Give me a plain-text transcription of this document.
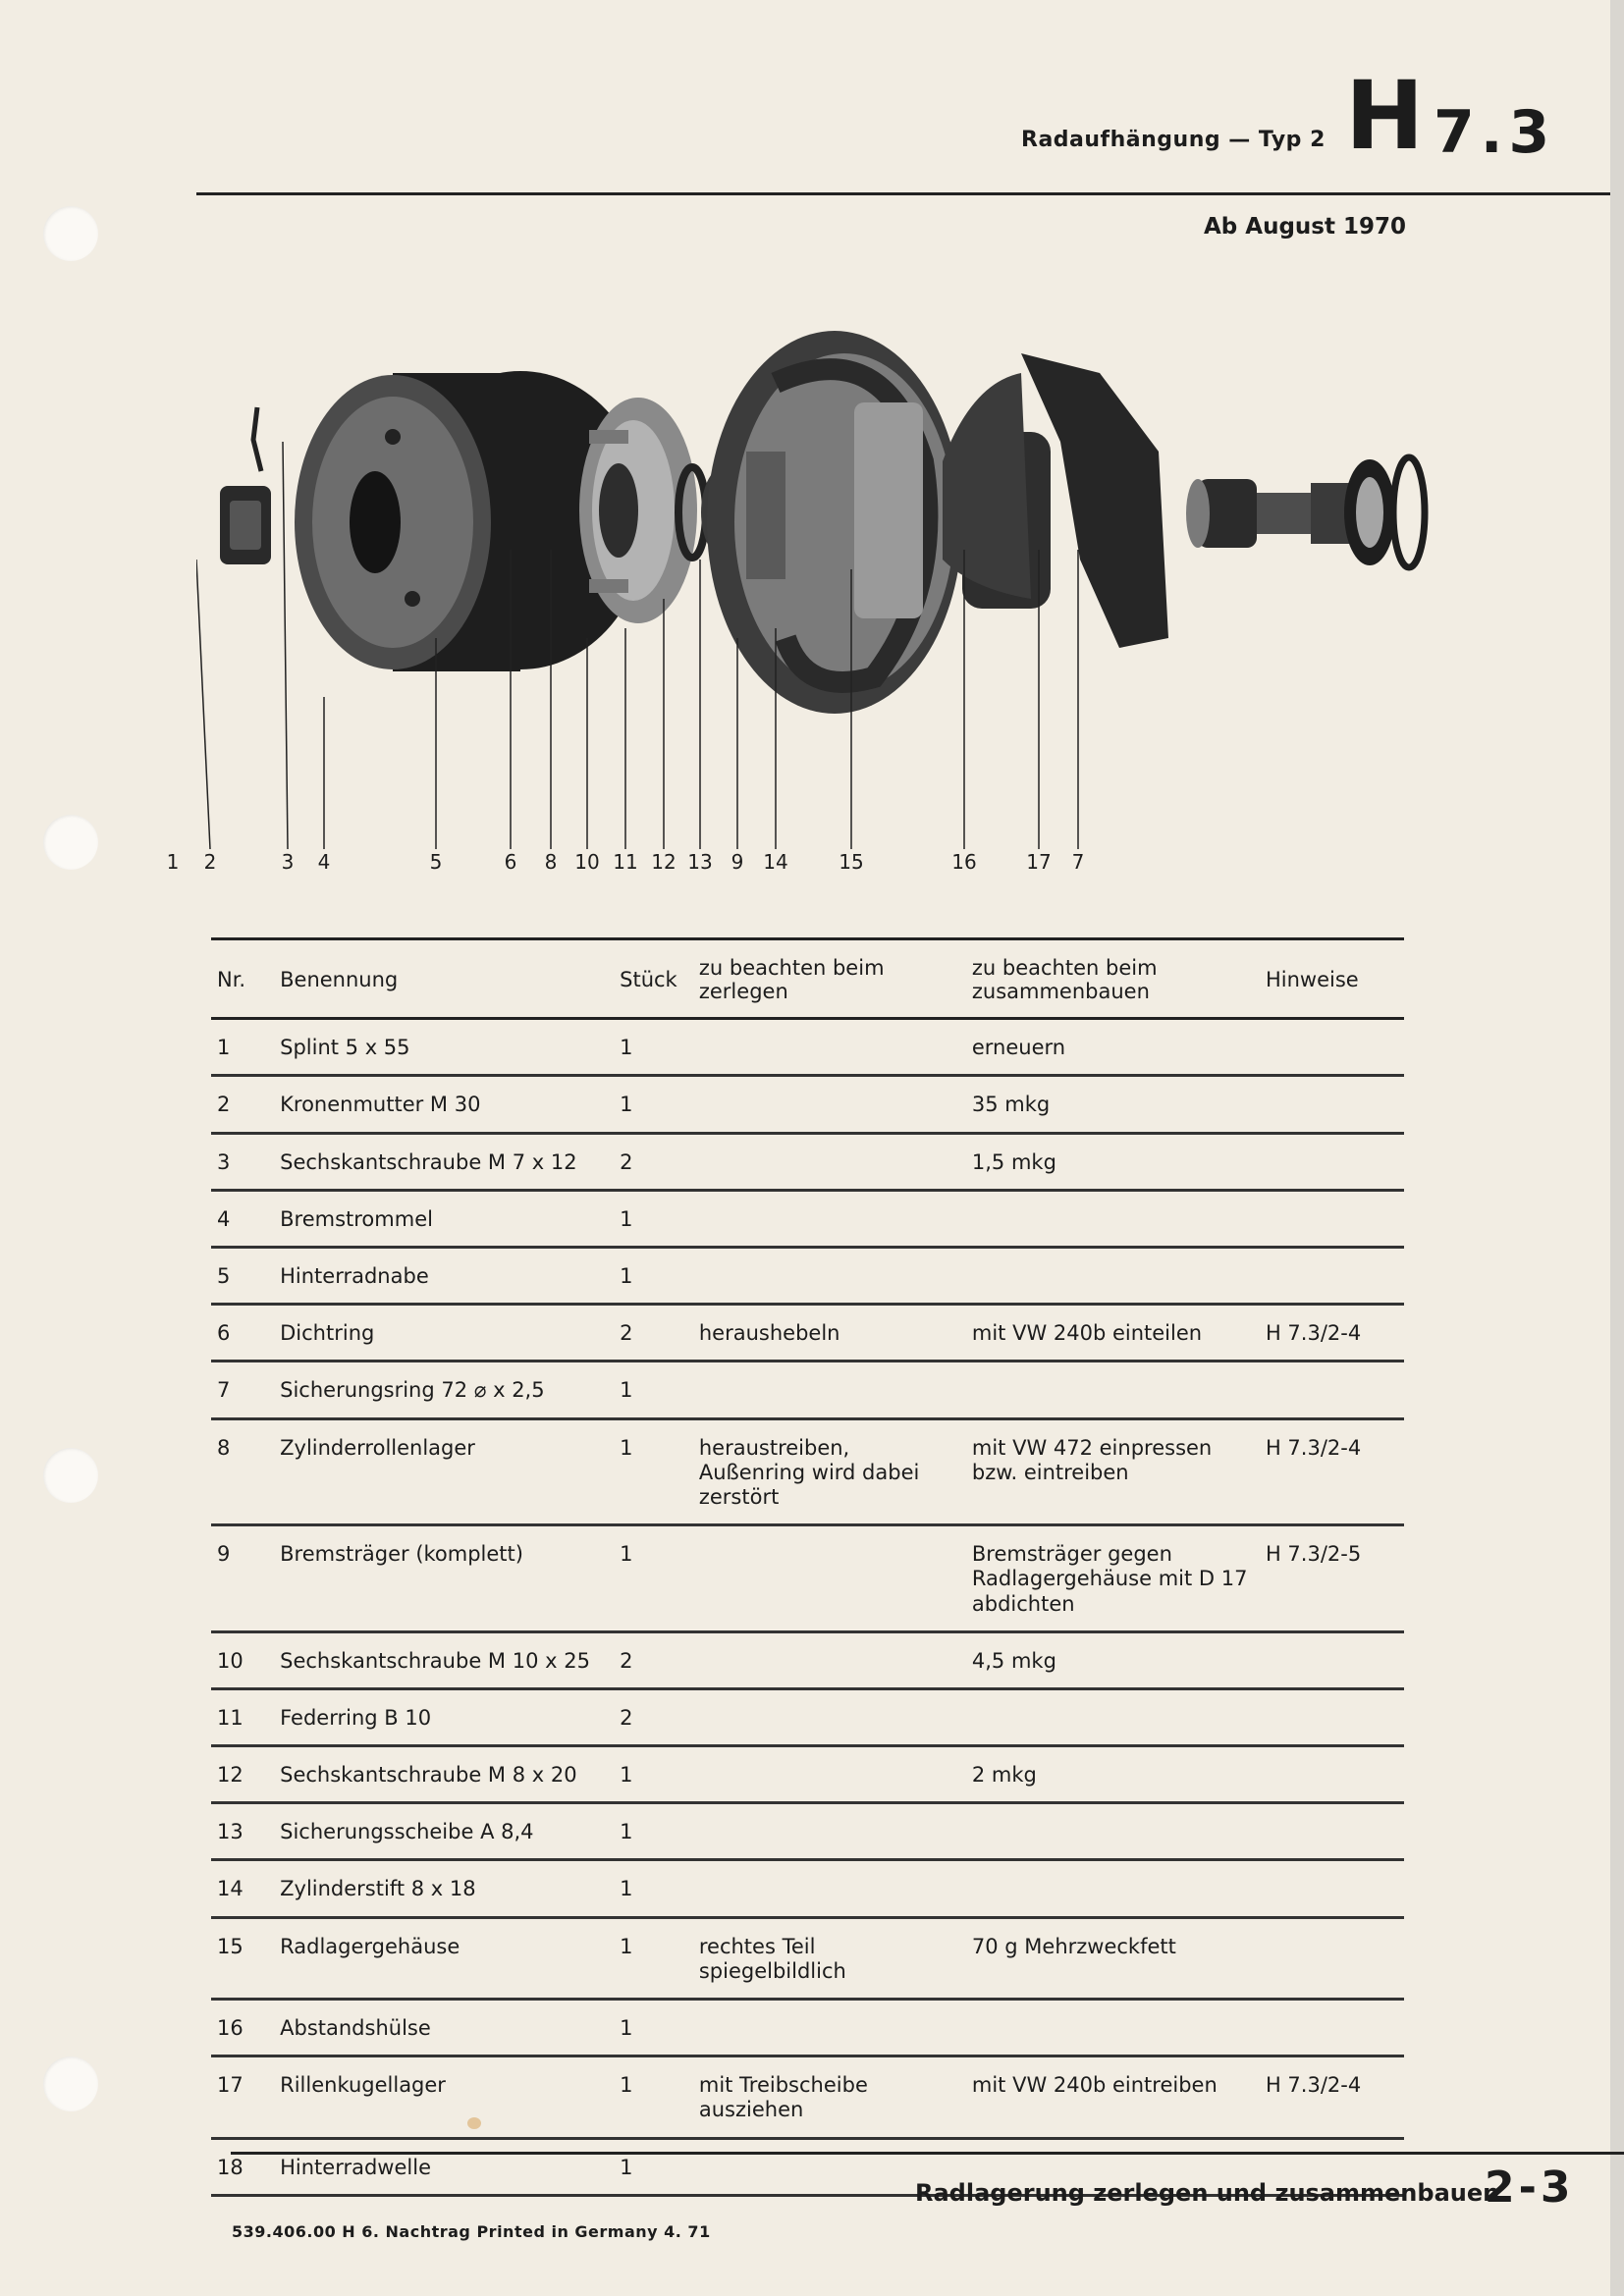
Radaufhängung — Typ 2 H 7.3
Ab August 1970
1 2	3 4	5	6 8 10 11 12 13 9 14	15	16	17 7
Nr.	Benennung	Stück	zu beachten beim zerlegen	zu beachten beim zusammenbauen	Hinweise
1	Splint 5 x 55	1		erneuern	
2	Kronenmutter M 30	1		35 mkg	
3	Sechskantschraube M 7 x 12	2		1,5 mkg	
4	Bremstrommel	1			
5	Hinterradnabe	1			
6	Dichtring	2	heraushebeln	mit VW 240b einteilen	H 7.3/2-4
7	Sicherungsring 72 ⌀ x 2,5	1			
8	Zylinderrollenlager	1	heraustreiben, Außenring wird dabei zerstört	mit VW 472 einpressen bzw. eintreiben	H 7.3/2-4
9	Bremsträger (komplett)	1		Bremsträger gegen Radlagergehäuse mit D 17 abdichten	H 7.3/2-5
10	Sechskantschraube M 10 x 25	2		4,5 mkg	
11	Federring B 10	2			
12	Sechskantschraube M 8 x 20	1		2 mkg	
13	Sicherungsscheibe A 8,4	1			
14	Zylinderstift 8 x 18	1			
15	Radlagergehäuse	1	rechtes Teil spiegelbildlich	70 g Mehrzweckfett	
16	Abstandshülse	1			
17	Rillenkugellager	1	mit Treibscheibe ausziehen	mit VW 240b eintreiben	H 7.3/2-4
18	Hinterradwelle	1			
Radlagerung zerlegen und zusammenbauen
2-3
539.406.00 H 6. Nachtrag Printed in Germany 4. 71
